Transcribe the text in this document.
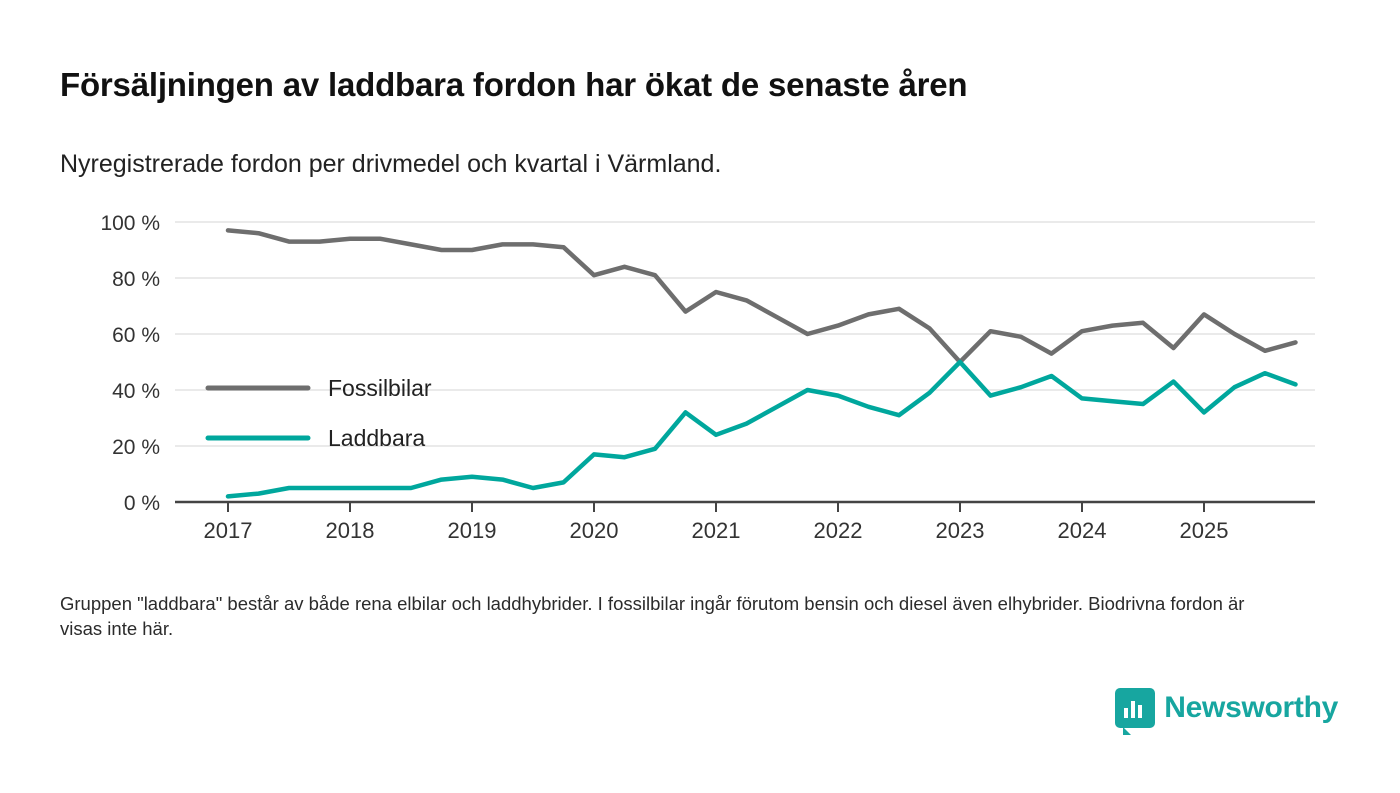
Försäljningen av laddbara fordon har ökat de senaste åren
Nyregistrerade fordon per drivmedel och kvartal i Värmland.
100 %
80 %
60 %
40 %
20 %
0 %
2017	2018	2019	2020	2021	2022	2023	2024	2025
Fossilbilar
Laddbara
Gruppen "laddbara" består av både rena elbilar och laddhybrider. I fossilbilar ingår förutom bensin och diesel även elhybrider. Biodrivna fordon är visas inte här.
Newsworthy
